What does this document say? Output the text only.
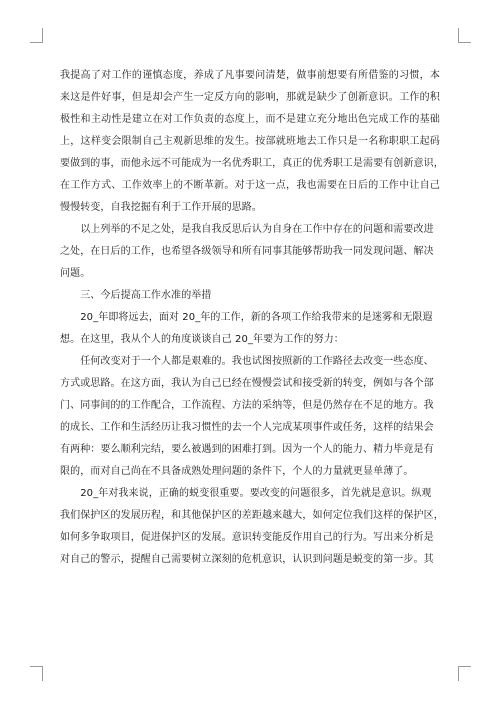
我提高了对工作的谨慎态度，养成了凡事要问清楚，做事前想要有所借鉴的习惯，本
来这是件好事，但是却会产生一定反方向的影响，那就是缺少了创新意识。工作的积
极性和主动性是建立在对工作负责的态度上，而不是建立充分地出色完成工作的基础
上，这样变会限制自己主观新思维的发生。按部就班地去工作只是一名称职职工起码
要做到的事，而他永远不可能成为一名优秀职工，真正的优秀职工是需要有创新意识，
在工作方式、工作效率上的不断革新。对于这一点，我也需要在日后的工作中让自己
慢慢转变，自我挖掘有利于工作开展的思路。

　　以上列举的不足之处，是我自我反思后认为自身在工作中存在的问题和需要改进
之处，在日后的工作，也希望各级领导和所有同事其能够帮助我一同发现问题、解决
问题。

　　三、今后提高工作水准的举措

　　20_年即将远去，面对 20_年的工作，新的各项工作给我带来的是迷雾和无限遐
想。在这里，我从个人的角度谈谈自己 20_年要为工作的努力：

　　任何改变对于一个人都是艰难的。我也试图按照新的工作路径去改变一些态度、
方式或思路。在这方面，我认为自己已经在慢慢尝试和接受新的转变，例如与各个部
门、同事间的的工作配合，工作流程、方法的采纳等，但是仍然存在不足的地方。我
的成长、工作和生活经历让我习惯性的去一个人完成某项事件或任务，这样的结果会
有两种：要么顺利完结，要么被遇到的困难打到。因为一个人的能力、精力毕竟是有
限的，而对自己尚在不具备成熟处理问题的条件下，个人的力量就更显单薄了。

　　20_年对我来说，正确的蜕变很重要。要改变的问题很多，首先就是意识。纵观
我们保护区的发展历程，和其他保护区的差距越来越大，如何定位我们这样的保护区，
如何多争取项目，促进保护区的发展。意识转变能反作用自己的行为。写出来分析是
对自己的警示，提醒自己需要树立深刻的危机意识，认识到问题是蜕变的第一步。其
